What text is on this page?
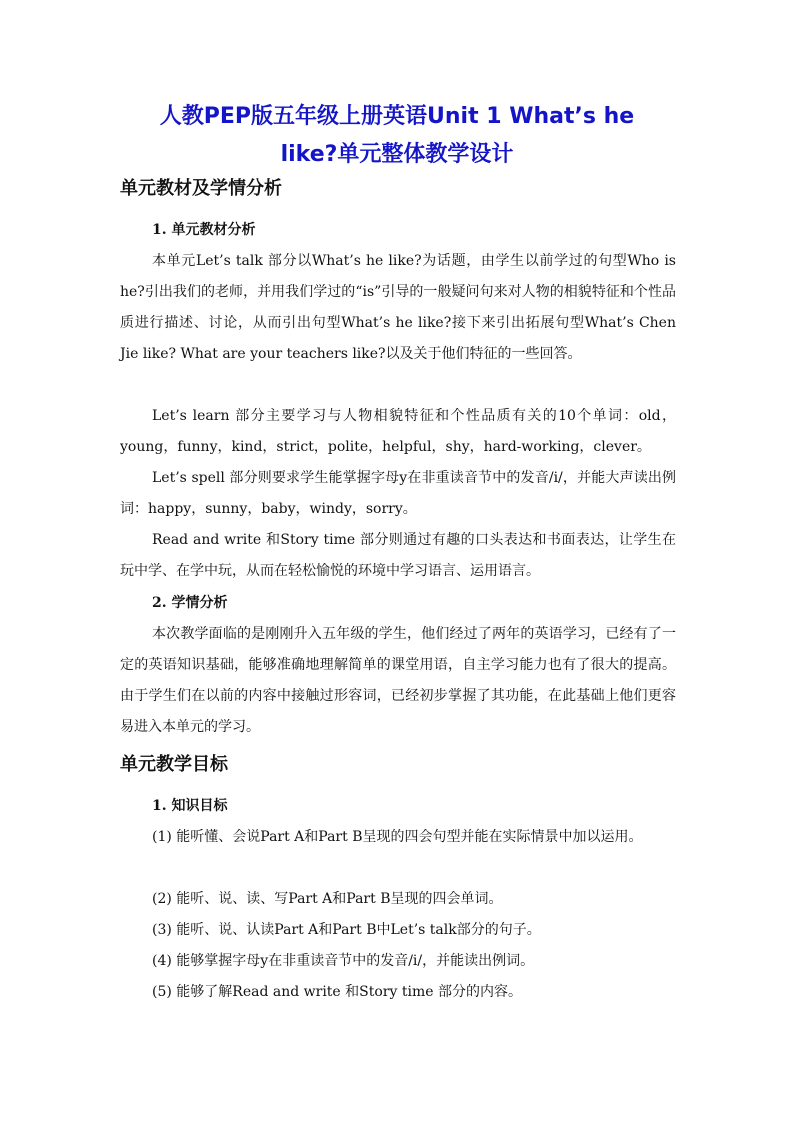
人教PEP版五年级上册英语Unit 1 What’s he
like?单元整体教学设计
单元教材及学情分析
1. 单元教材分析

本单元Let’s talk 部分以What’s he like?为话题，由学生以前学过的句型Who is he?引出我们的老师，并用我们学过的“is”引导的一般疑问句来对人物的相貌特征和个性品质进行描述、讨论，从而引出句型What’s he like?接下来引出拓展句型What’s Chen Jie like? What are your teachers like?以及关于他们特征的一些回答。

Let’s learn 部分主要学习与人物相貌特征和个性品质有关的10个单词：old，young，funny，kind，strict，polite，helpful，shy，hard-working，clever。

Let’s spell 部分则要求学生能掌握字母y在非重读音节中的发音/i/，并能大声读出例词：happy，sunny，baby，windy，sorry。

Read and write 和Story time 部分则通过有趣的口头表达和书面表达，让学生在玩中学、在学中玩，从而在轻松愉悦的环境中学习语言、运用语言。

2. 学情分析

本次教学面临的是刚刚升入五年级的学生，他们经过了两年的英语学习，已经有了一定的英语知识基础，能够准确地理解简单的课堂用语，自主学习能力也有了很大的提高。由于学生们在以前的内容中接触过形容词，已经初步掌握了其功能，在此基础上他们更容易进入本单元的学习。

单元教学目标
1. 知识目标

(1) 能听懂、会说Part A和Part B呈现的四会句型并能在实际情景中加以运用。

(2) 能听、说、读、写Part A和Part B呈现的四会单词。

(3) 能听、说、认读Part A和Part B中Let’s talk部分的句子。

(4) 能够掌握字母y在非重读音节中的发音/i/，并能读出例词。

(5) 能够了解Read and write 和Story time 部分的内容。
